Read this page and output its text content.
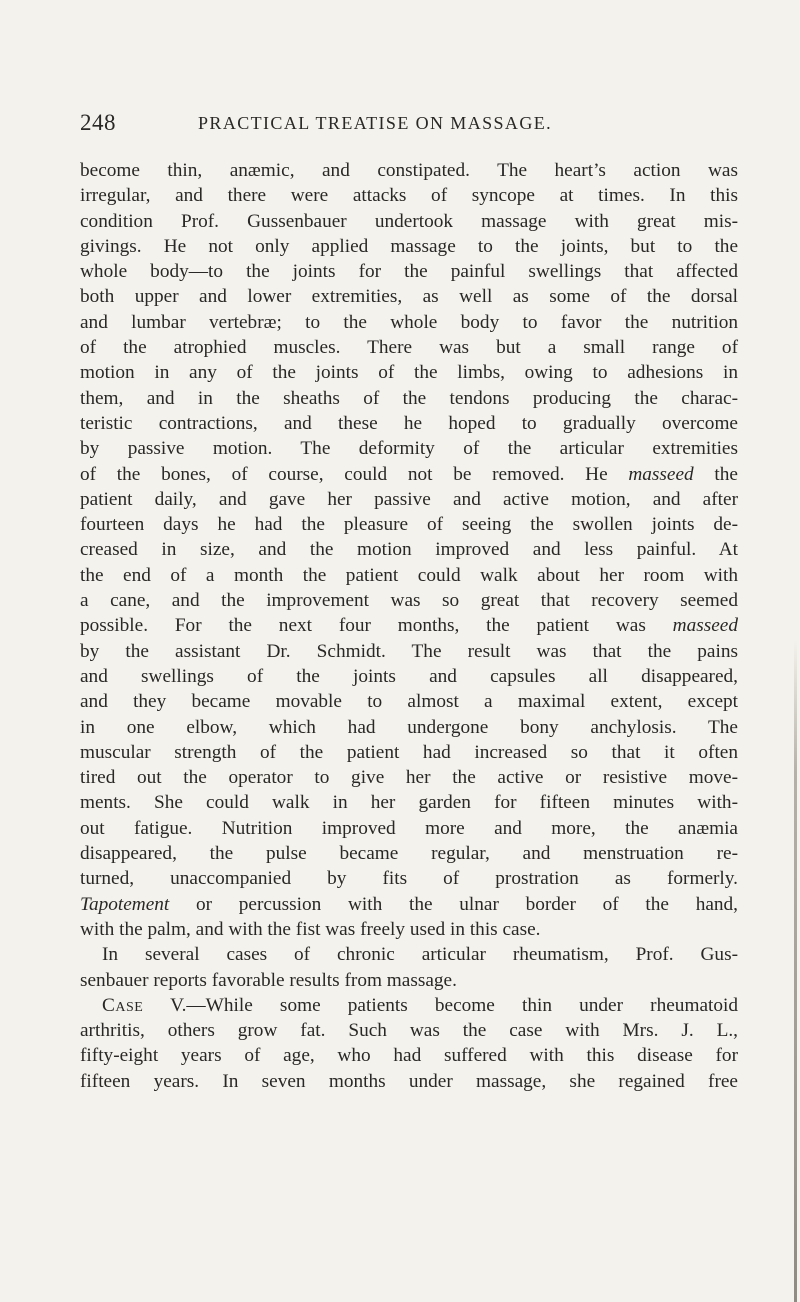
248	PRACTICAL TREATISE ON MASSAGE.
become thin, anæmic, and constipated. The heart’s action was
irregular, and there were attacks of syncope at times. In this
condition Prof. Gussenbauer undertook massage with great mis-
givings. He not only applied massage to the joints, but to the
whole body—to the joints for the painful swellings that affected
both upper and lower extremities, as well as some of the dorsal
and lumbar vertebræ; to the whole body to favor the nutrition
of the atrophied muscles. There was but a small range of
motion in any of the joints of the limbs, owing to adhesions in
them, and in the sheaths of the tendons producing the charac-
teristic contractions, and these he hoped to gradually overcome
by passive motion. The deformity of the articular extremities
of the bones, of course, could not be removed. He masseed the
patient daily, and gave her passive and active motion, and after
fourteen days he had the pleasure of seeing the swollen joints de-
creased in size, and the motion improved and less painful. At
the end of a month the patient could walk about her room with
a cane, and the improvement was so great that recovery seemed
possible. For the next four months, the patient was masseed
by the assistant Dr. Schmidt. The result was that the pains
and swellings of the joints and capsules all disappeared,
and they became movable to almost a maximal extent, except
in one elbow, which had undergone bony anchylosis. The
muscular strength of the patient had increased so that it often
tired out the operator to give her the active or resistive move-
ments. She could walk in her garden for fifteen minutes with-
out fatigue. Nutrition improved more and more, the anæmia
disappeared, the pulse became regular, and menstruation re-
turned, unaccompanied by fits of prostration as formerly.
Tapotement or percussion with the ulnar border of the hand,
with the palm, and with the fist was freely used in this case.
In several cases of chronic articular rheumatism, Prof. Gus-
senbauer reports favorable results from massage.
Case V.—While some patients become thin under rheumatoid
arthritis, others grow fat. Such was the case with Mrs. J. L.,
fifty-eight years of age, who had suffered with this disease for
fifteen years. In seven months under massage, she regained free
